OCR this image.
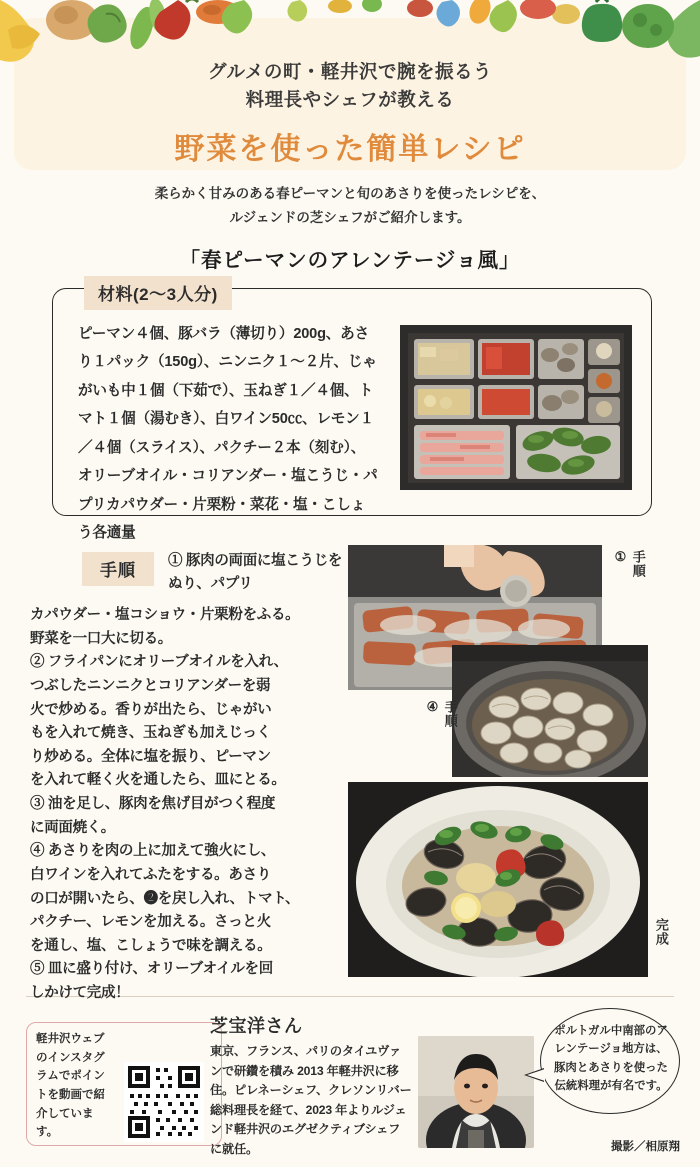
グルメの町・軽井沢で腕を振るう
料理長やシェフが教える
野菜を使った簡単レシピ
柔らかく甘みのある春ピーマンと旬のあさりを使ったレシピを、
ルジェンドの芝シェフがご紹介します。
「春ピーマンのアレンテージョ風」
材料(2〜3人分)
ピーマン４個、豚バラ（薄切り）200g、あさり１パック（150g）、ニンニク１〜２片、じゃがいも中１個（下茹で）、玉ねぎ１／４個、トマト１個（湯むき）、白ワイン50㏄、レモン１／４個（スライス）、パクチー２本（刻む）、オリーブオイル・コリアンダー・塩こうじ・パプリカパウダー・片栗粉・菜花・塩・こしょう各適量
手順	① 豚肉の両面に塩こうじをぬり、パプリ

カパウダー・塩コショウ・片栗粉をふる。

野菜を一口大に切る。

② フライパンにオリーブオイルを入れ、

つぶしたニンニクとコリアンダーを弱

火で炒める。香りが出たら、じゃがい

もを入れて焼き、玉ねぎも加えじっく

り炒める。全体に塩を振り、ピーマン

を入れて軽く火を通したら、皿にとる。

③ 油を足し、豚肉を焦げ目がつく程度

に両面焼く。

④ あさりを肉の上に加えて強火にし、

白ワインを入れてふたをする。あさり

の口が開いたら、❷を戻し入れ、トマト、

パクチー、レモンを加える。さっと火

を通し、塩、こしょうで味を調える。

⑤ 皿に盛り付け、オリーブオイルを回

しかけて完成！

手順
①
手順
④
完成
軽井沢ウェブのインスタグラムでポイントを動画で紹介しています。
芝宝洋さん
東京、フランス、パリのタイユヴァンで研鑽を積み 2013 年軽井沢に移住。ピレネーシェフ、クレソンリバー総料理長を経て、2023 年よりルジェンド軽井沢のエグゼクティブシェフに就任。
ポルトガル中南部のアレンテージョ地方は、豚肉とあさりを使った伝統料理が有名です。
撮影／相原翔
